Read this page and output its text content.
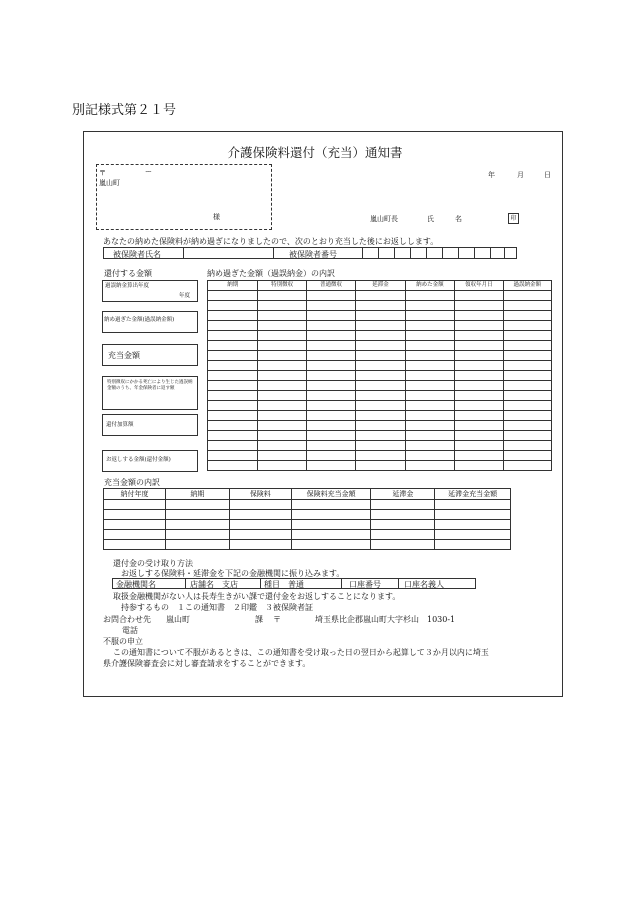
別記様式第２１号
介護保険料還付（充当）通知書
〒	ー
嵐山町
様
年	月	日
嵐山町長	氏	名	印
あなたの納めた保険料が納め過ぎになりましたので、次のとおり充当した後にお返しします。
被保険者氏名	被保険者番号
還付する金額
過誤納金算出年度
年度
納め過ぎた金額(過誤納金額)
充当金額
特別徴収にかかる死亡により生じた過誤納金額のうち、年金保険者に返す額
還付加算額
お返しする金額(還付金額)
納め過ぎた金額（過誤納金）の内訳
納期	特別徴収	普通徴収	延滞金	納めた金額	領収年月日	過誤納金額

充当金額の内訳
納付年度	納期	保険料	保険料充当金額	延滞金	延滞金充当金額

還付金の受け取り方法
お返しする保険料・延滞金を下記の金融機関に振り込みます。
金融機関名	店舗名　支店	種目　普通	口座番号	口座名義人
取扱金融機関がない人は長寿生きがい課で還付金をお返しすることになります。
持参するもの　１この通知書　２印鑑　３被保険者証
お問合わせ先 嵐山町	課 〒	埼玉県比企郡嵐山町大字杉山　1030-1
電話
不服の申立
この通知書について不服があるときは、この通知書を受け取った日の翌日から起算して３か月以内に埼玉
県介護保険審査会に対し審査請求をすることができます。
